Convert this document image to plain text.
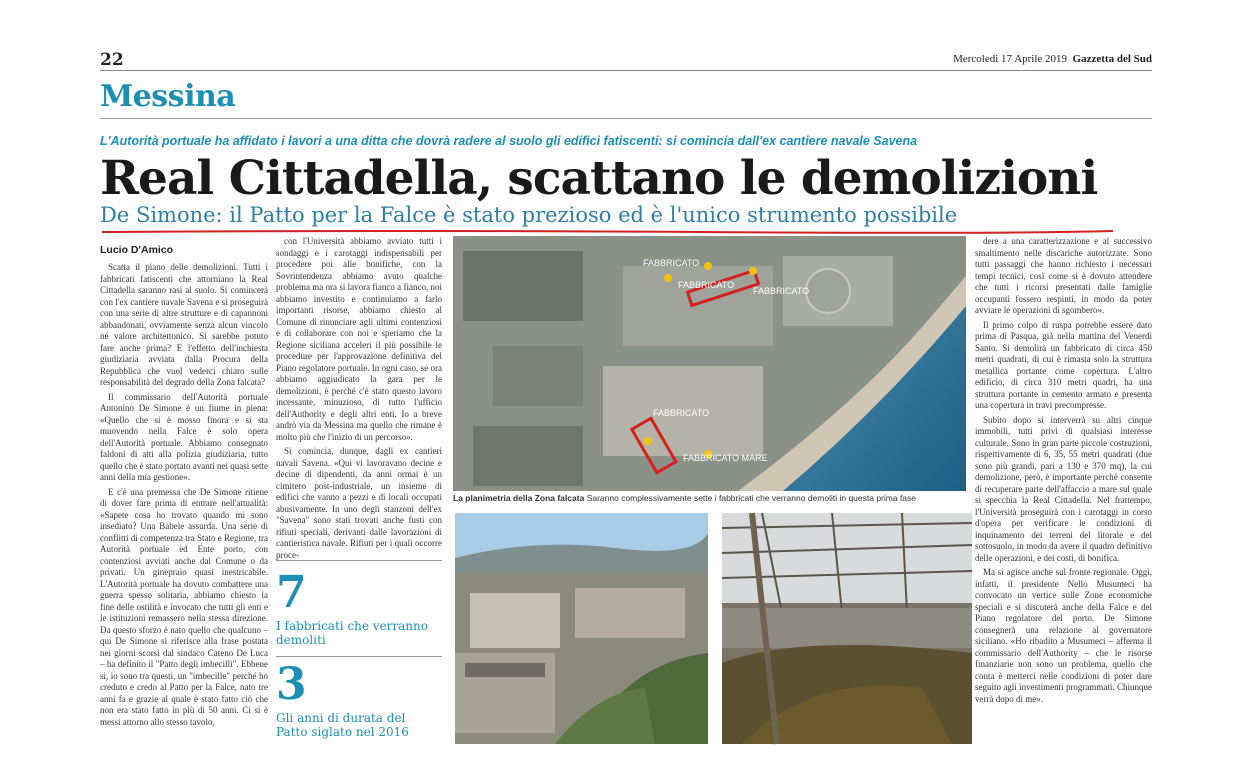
22	Mercoledì 17 Aprile 2019 Gazzetta del Sud
Messina
L'Autorità portuale ha affidato i lavori a una ditta che dovrà radere al suolo gli edifici fatiscenti: si comincia dall'ex cantiere navale Savena
Real Cittadella, scattano le demolizioni
De Simone: il Patto per la Falce è stato prezioso ed è l'unico strumento possibile
Lucio D'Amico

Scatta il piano delle demolizioni. Tutti i fabbricati fatiscenti che attorniano la Real Cittadella saranno rasi al suolo. Si comincerà con l'ex cantiere navale Savena e si proseguirà con una serie di altre strutture e di capannoni abbandonati, ovviamente senza alcun vincolo né valore architettonico. Si sarebbe potuto fare anche prima? E l'effetto dell'inchiesta giudiziaria avviata dalla Procura della Repubblica che vuol vederci chiaro sulle responsabilità del degrado della Zona falcata?

Il commissario dell'Autorità portuale Antonino De Simone è un fiume in piena: «Quello che si è mosso finora e si sta muovendo nella Falce è solo opera dell'Autorità portuale. Abbiamo consegnato faldoni di atti alla polizia giudiziaria, tutto quello che è stato portato avanti nei quasi sette anni della mia gestione».

E c'è una premessa che De Simone ritiene di dover fare prima di entrare nell'attualità: «Sapete cosa ho trovato quando mi sono insediato? Una Babele assurda. Una serie di conflitti di competenza tra Stato e Regione, tra Autorità portuale ed Ente porto, con contenziosi avviati anche dal Comune o da privati. Un ginepraio quasi inestricabile. L'Autorità portuale ha dovuto combattere una guerra spesso solitaria, abbiamo chiesto la fine delle ostilità e invocato che tutti gli enti e le istituzioni remassero nella stessa direzione. Da questo sforzo è nato quello che qualcuno – qui De Simone si riferisce alla frase postata nei giorni scorsi dal sindaco Cateno De Luca – ha definito il "Patto degli imbecilli". Ebbene sì, io sono tra questi, un "imbecille" perché ho creduto e credo al Patto per la Falce, nato tre anni fa e grazie al quale è stato fatto ciò che non era stato fatto in più di 50 anni. Ci si è messi attorno allo stesso tavolo,

con l'Università abbiamo avviato tutti i sondaggi e i carotaggi indispensabili per procedere poi alle bonifiche, con la Sovrintendenza abbiamo avuto qualche problema ma ora si lavora fianco a fianco, noi abbiamo investito e continuiamo a farlo importanti risorse, abbiamo chiesto al Comune di rinunciare agli ultimi contenziosi e di collaborare con noi e speriamo che la Regione siciliana acceleri il più possibile le procedure per l'approvazione definitiva del Piano regolatore portuale. In ogni caso, se ora abbiamo aggiudicato la gara per le demolizioni, è perché c'è stato questo lavoro incessante, minuzioso, di tutto l'ufficio dell'Authority e degli altri enti. Io a breve andrò via da Messina ma quello che rimane è molto più che l'inizio di un percorso».

Si comincia, dunque, dagli ex cantieri navali Savena. «Qui vi lavoravano decine e decine di dipendenti, da anni ormai è un cimitero post-industriale, un insieme di edifici che vanno a pezzi e di locali occupati abusivamente. In uno degli stanzoni dell'ex "Savena" sono stati trovati anche fusti con rifiuti speciali, derivanti dalle lavorazioni di cantieristica navale. Rifiuti per i quali occorre proce-

7
I fabbricati che verranno demoliti
3
Gli anni di durata del Patto siglato nel 2016
FABBRICATO
FABBRICATO
FABBRICATO
FABBRICATO
FABBRICATO MARE
La planimetria della Zona falcata Saranno complessivamente sette i fabbricati che verranno demoliti in questa prima fase

dere a una caratterizzazione e al successivo smaltimento nelle discariche autorizzate. Sono tutti passaggi che hanno richiesto i necessari tempi tecnici, così come si è dovuto attendere che tutti i ricorsi presentati dalle famiglie occupanti fossero respinti, in modo da poter avviare le operazioni di sgombero».

Il primo colpo di ruspa potrebbe essere dato prima di Pasqua, già nella mattina del Venerdì Santo. Si demolirà un fabbricato di circa 450 metri quadrati, di cui è rimasta solo la struttura metallica portante come copertura. L'altro edificio, di circa 310 metri quadri, ha una struttura portante in cemento armato e presenta una copertura in travi precompresse.

Subito dopo si interverrà su altri cinque immobili, tutti privi di qualsiasi interesse culturale. Sono in gran parte piccole costruzioni, rispettivamente di 6, 35, 55 metri quadrati (due sono più grandi, pari a 130 e 370 mq), la cui demolizione, però, è importante perché consente di recuperare parte dell'affaccio a mare sul quale si specchia la Real Cittadella. Nel frattempo, l'Università proseguirà con i carotaggi in corso d'opera per verificare le condizioni di inquinamento dei terreni del litorale e del sottosuolo, in modo da avere il quadro definitivo delle operazioni, e dei costi, di bonifica.

Ma si agisce anche sul fronte regionale. Oggi, infatti, il presidente Nello Musumeci ha convocato un vertice sulle Zone economiche speciali e si discuterà anche della Falce e del Piano regolatore del porto. De Simone consegnerà una relazione al governatore siciliano. «Ho ribadito a Musumeci – afferma il commissario dell'Authority – che le risorse finanziarie non sono un problema, quello che conta è metterci nelle condizioni di poter dare seguito agli investimenti programmati. Chiunque verrà dopo di me».
